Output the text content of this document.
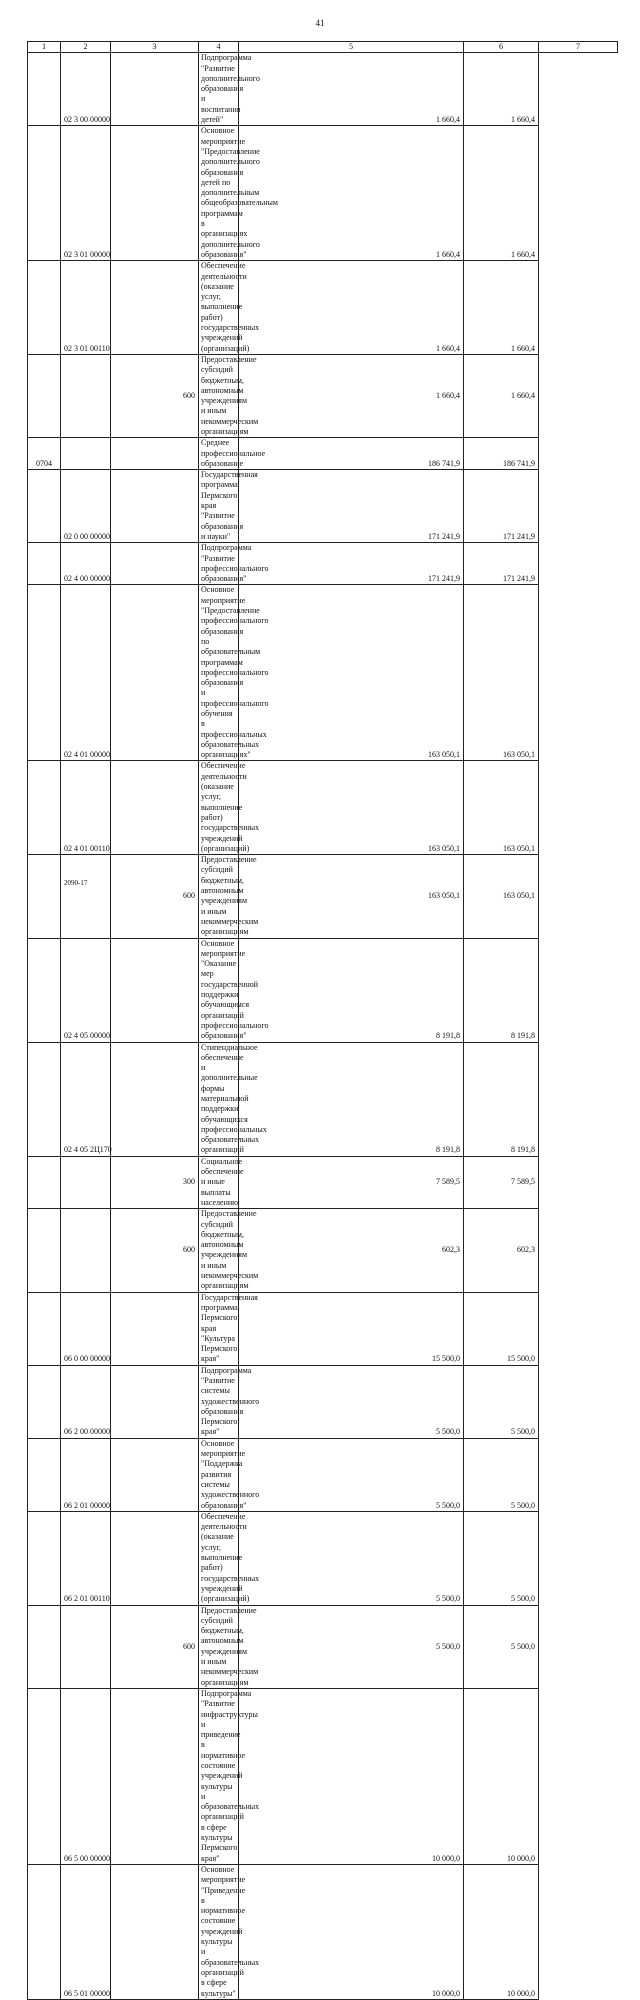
41
1	2	3	4	5	6	7
	02 3 00 00000		Подпрограмма "Развитие дополнительного образования и воспитания детей"	1 660,4	1 660,4	
	02 3 01 00000		Основное мероприятие "Предоставление дополнительного образования детей по дополнительным общеобразовательным программам в организациях дополнительного образования"	1 660,4	1 660,4	
	02 3 01 00110		Обеспечение деятельности (оказание услуг, выполнение работ) государственных учреждений (организаций)	1 660,4	1 660,4	
		600	Предоставление субсидий бюджетным, автономным учреждениям и иным некоммерческим организациям	1 660,4	1 660,4	
0704			Среднее профессиональное образование	186 741,9	186 741,9	
	02 0 00 00000		Государственная программа Пермского края "Развитие образования и науки"	171 241,9	171 241,9	
	02 4 00 00000		Подпрограмма "Развитие профессионального образования"	171 241,9	171 241,9	
	02 4 01 00000		Основное мероприятие "Предоставление профессионального образования по образовательным программам профессионального образования и профессионального обучения в профессиональных образовательных организациях"	163 050,1	163 050,1	
	02 4 01 00110		Обеспечение деятельности (оказание услуг, выполнение работ) государственных учреждений (организаций)	163 050,1	163 050,1	
		600	Предоставление субсидий бюджетным, автономным учреждениям и иным некоммерческим организациям	163 050,1	163 050,1	
	02 4 05 00000		Основное мероприятие "Оказание мер государственной поддержки обучающимся организаций профессионального образования"	8 191,8	8 191,8	
	02 4 05 2Ц170		Стипендиальное обеспечение и дополнительные формы материальной поддержки обучающихся профессиональных образовательных организаций	8 191,8	8 191,8	
		300	Социальное обеспечение и иные выплаты населению	7 589,5	7 589,5	
		600	Предоставление субсидий бюджетным, автономным учреждениям и иным некоммерческим организациям	602,3	602,3	
	06 0 00 00000		Государственная программа Пермского края "Культура Пермского края"	15 500,0	15 500,0	
	06 2 00 00000		Подпрограмма "Развитие системы художественного образования Пермского края"	5 500,0	5 500,0	
	06 2 01 00000		Основное мероприятие "Поддержка развития системы художественного образования"	5 500,0	5 500,0	
	06 2 01 00110		Обеспечение деятельности (оказание услуг, выполнение работ) государственных учреждений (организаций)	5 500,0	5 500,0	
		600	Предоставление субсидий бюджетным, автономным учреждениям и иным некоммерческим организациям	5 500,0	5 500,0	
	06 5 00 00000		Подпрограмма "Развитие инфраструктуры и приведение в нормативное состояние учреждений культуры и образовательных организаций в сфере культуры Пермского края"	10 000,0	10 000,0	
	06 5 01 00000		Основное мероприятие "Приведение в нормативное состояние учреждений культуры и образовательных организаций в сфере культуры"	10 000,0	10 000,0	
2090-17
